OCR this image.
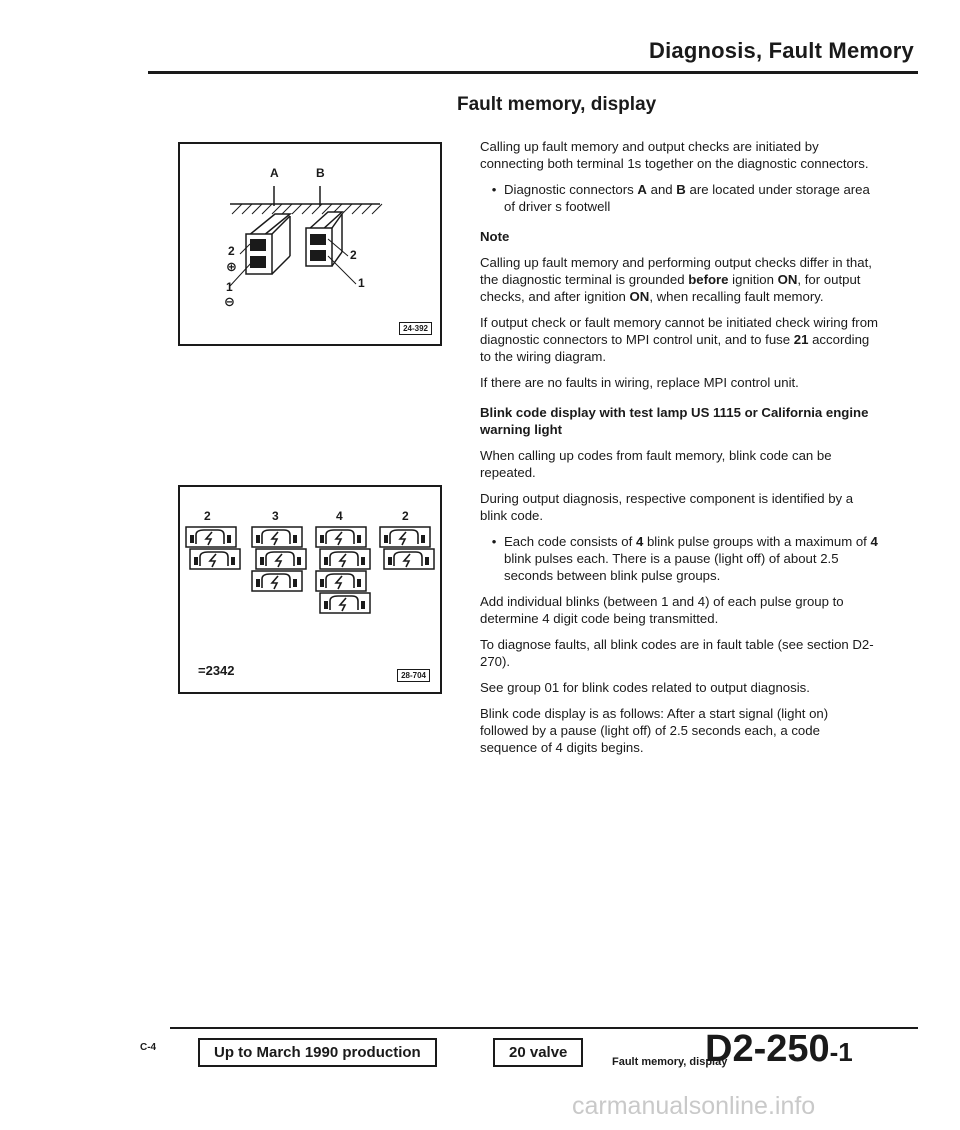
Diagnosis, Fault Memory
Fault memory, display
A	B
2
⊕
1
⊖
2
1
24-392
2	3	4	2
=2342	28-704

Calling up fault memory and output checks are initiated by connecting both terminal 1s together on the diagnostic connectors.

• Diagnostic connectors A and B are located under storage area of driver s footwell

Note

Calling up fault memory and performing output checks differ in that, the diagnostic terminal is grounded before ignition ON, for output checks, and after ignition ON, when recalling fault memory.

If output check or fault memory cannot be initiated check wiring from diagnostic connectors to MPI control unit, and to fuse 21 according to the wiring diagram.

If there are no faults in wiring, replace MPI control unit.

Blink code display with test lamp US 1115 or California engine warning light

When calling up codes from fault memory, blink code can be repeated.

During output diagnosis, respective component is identified by a blink code.

• Each code consists of 4 blink pulse groups with a maximum of 4 blink pulses each. There is a pause (light off) of about 2.5 seconds between blink pulse groups.

Add individual blinks (between 1 and 4) of each pulse group to determine 4 digit code being transmitted.

To diagnose faults, all blink codes are in fault table (see section D2-270).

See group 01 for blink codes related to output diagnosis.

Blink code display is as follows: After a start signal (light on) followed by a pause (light off) of 2.5 seconds each, a code sequence of 4 digits begins.

C-4	Up to March 1990 production	20 valve
Fault memory, display
D2-250-1
carmanualsonline.info
